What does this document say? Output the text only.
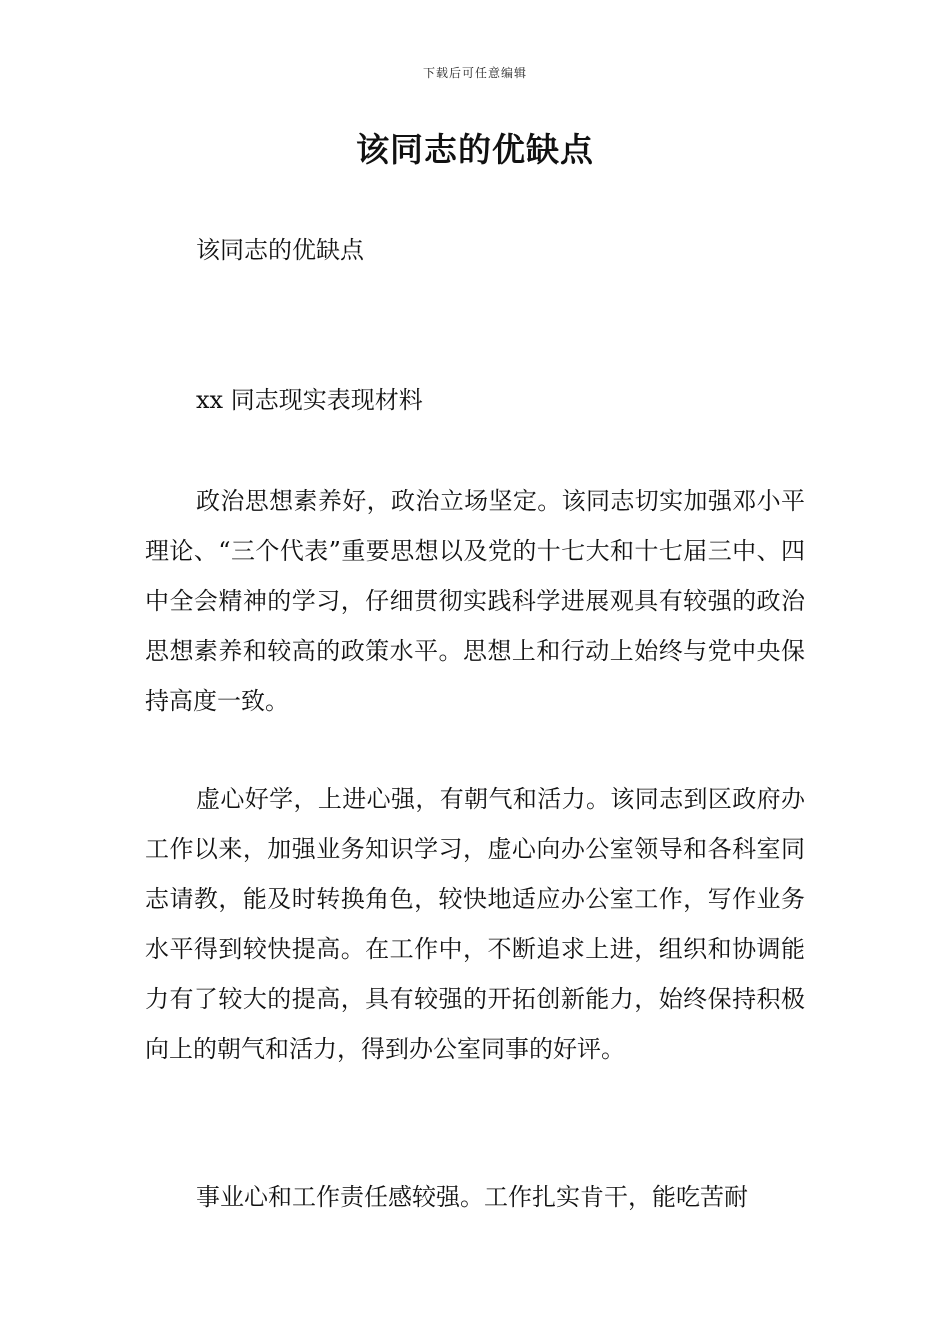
下载后可任意编辑
该同志的优缺点
该同志的优缺点
xx 同志现实表现材料

政治思想素养好，政治立场坚定。该同志切实加强邓小平理论、“三个代表”重要思想以及党的十七大和十七届三中、四中全会精神的学习，仔细贯彻实践科学进展观具有较强的政治思想素养和较高的政策水平。思想上和行动上始终与党中央保持高度一致。

虚心好学，上进心强，有朝气和活力。该同志到区政府办工作以来，加强业务知识学习，虚心向办公室领导和各科室同志请教，能及时转换角色，较快地适应办公室工作，写作业务水平得到较快提高。在工作中，不断追求上进，组织和协调能力有了较大的提高，具有较强的开拓创新能力，始终保持积极向上的朝气和活力，得到办公室同事的好评。

事业心和工作责任感较强。工作扎实肯干，能吃苦耐
